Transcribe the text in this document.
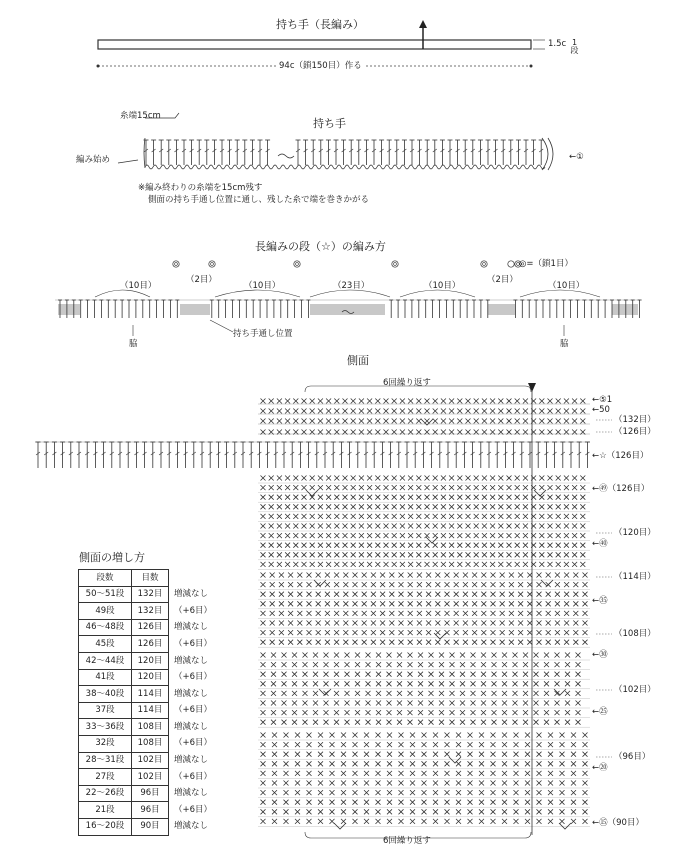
持ち手（長編み）
94c（鎖150目）作る
1.5c 1段
持ち手
糸端15cm
編み始め	←①
※編み終わりの糸端を15cm残す
側面の持ち手通し位置に通し、残した糸で端を巻きかがる
長編みの段（☆）の編み方
◎=（鎖1目）
（10目）
（2目）
（10目）	（23目）	（10目）
（2目）
（10目）
持ち手通し位置
脇	脇
側面
6回繰り返す
6回繰り返す
←⑤1
←50
（132目）
（126目）
←☆（126目）
←㊾（126目）
（120目）
←㊵
（114目）
←㉟
（108目）
←㉚
（102目）
←㉕
（96目）
←⑳
←⑮（90目）
側面の増し方
段数	目数	
50〜51段	132目	増減なし
49段	132目	（+6目）
46〜48段	126目	増減なし
45段	126目	（+6目）
42〜44段	120目	増減なし
41段	120目	（+6目）
38〜40段	114目	増減なし
37段	114目	（+6目）
33〜36段	108目	増減なし
32段	108目	（+6目）
28〜31段	102目	増減なし
27段	102目	（+6目）
22〜26段	96目	増減なし
21段	96目	（+6目）
16〜20段	90目	増減なし
